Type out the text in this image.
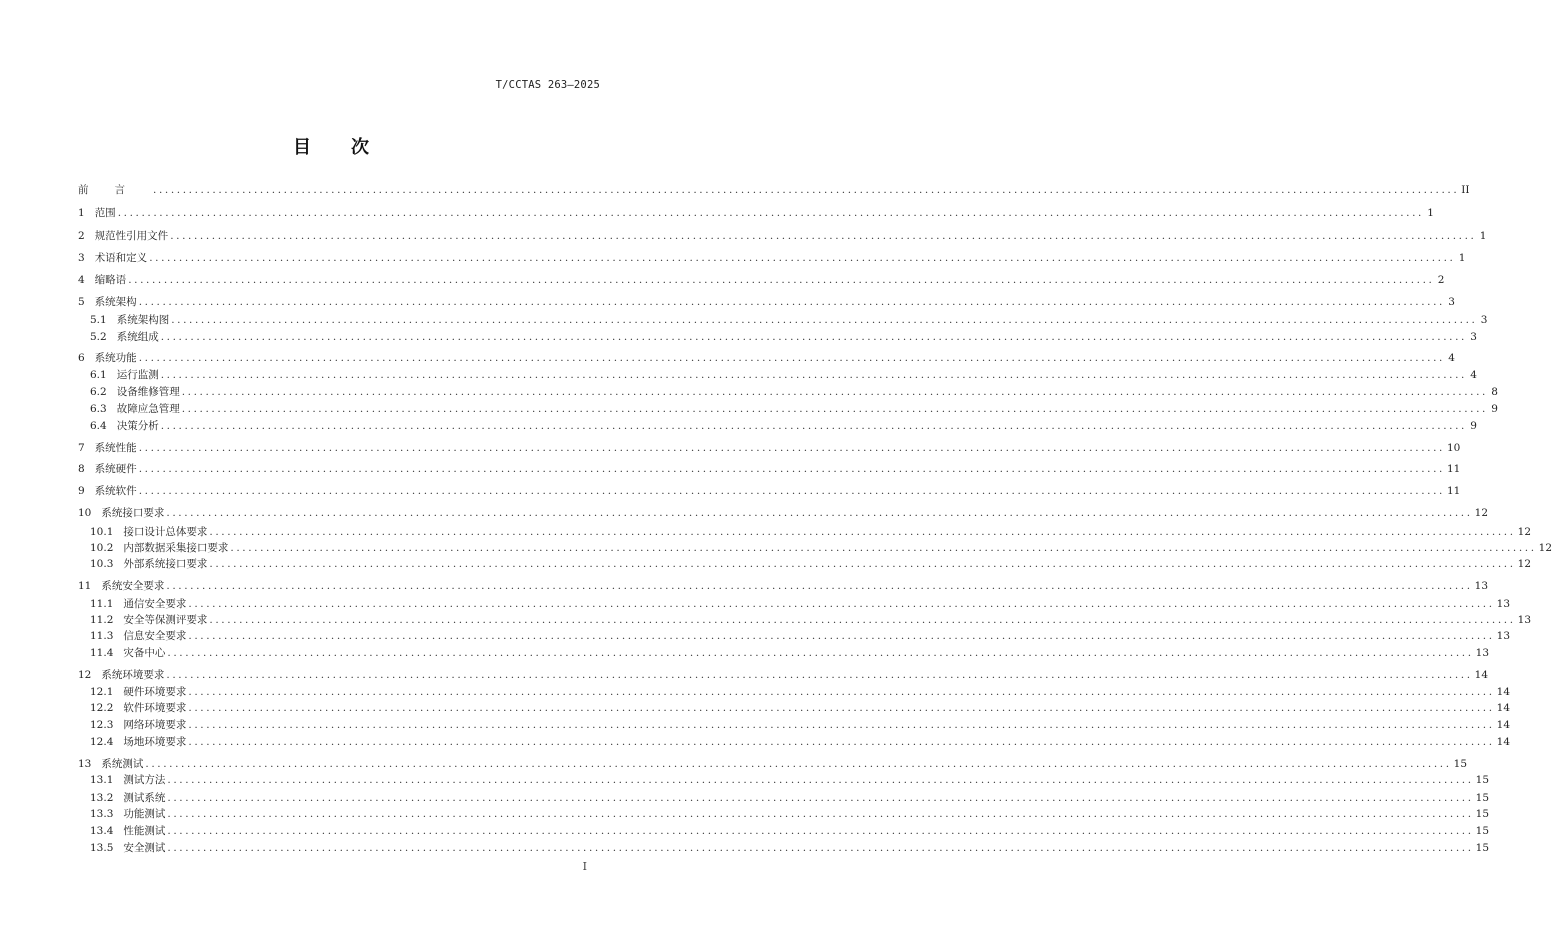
T/CCTAS 263—2025
目次
前言 ............................................................................................................................................................................................................................ II
1 范围 ............................................................................................................................................................................................................................ 1
2 规范性引用文件 ............................................................................................................................................................................................................................ 1
3 术语和定义 ............................................................................................................................................................................................................................ 1
4 缩略语 ............................................................................................................................................................................................................................ 2
5 系统架构 ............................................................................................................................................................................................................................ 3
5.1 系统架构图 ............................................................................................................................................................................................................................ 3
5.2 系统组成 ............................................................................................................................................................................................................................ 3
6 系统功能 ............................................................................................................................................................................................................................ 4
6.1 运行监测 ............................................................................................................................................................................................................................ 4
6.2 设备维修管理 ............................................................................................................................................................................................................................ 8
6.3 故障应急管理 ............................................................................................................................................................................................................................ 9
6.4 决策分析 ............................................................................................................................................................................................................................ 9
7 系统性能 ............................................................................................................................................................................................................................ 10
8 系统硬件 ............................................................................................................................................................................................................................ 11
9 系统软件 ............................................................................................................................................................................................................................ 11
10 系统接口要求 ............................................................................................................................................................................................................................ 12
10.1 接口设计总体要求 ............................................................................................................................................................................................................................ 12
10.2 内部数据采集接口要求 ............................................................................................................................................................................................................................ 12
10.3 外部系统接口要求 ............................................................................................................................................................................................................................ 12
11 系统安全要求 ............................................................................................................................................................................................................................ 13
11.1 通信安全要求 ............................................................................................................................................................................................................................ 13
11.2 安全等保测评要求 ............................................................................................................................................................................................................................ 13
11.3 信息安全要求 ............................................................................................................................................................................................................................ 13
11.4 灾备中心 ............................................................................................................................................................................................................................ 13
12 系统环境要求 ............................................................................................................................................................................................................................ 14
12.1 硬件环境要求 ............................................................................................................................................................................................................................ 14
12.2 软件环境要求 ............................................................................................................................................................................................................................ 14
12.3 网络环境要求 ............................................................................................................................................................................................................................ 14
12.4 场地环境要求 ............................................................................................................................................................................................................................ 14
13 系统测试 ............................................................................................................................................................................................................................ 15
13.1 测试方法 ............................................................................................................................................................................................................................ 15
13.2 测试系统 ............................................................................................................................................................................................................................ 15
13.3 功能测试 ............................................................................................................................................................................................................................ 15
13.4 性能测试 ............................................................................................................................................................................................................................ 15
13.5 安全测试 ............................................................................................................................................................................................................................ 15
I
